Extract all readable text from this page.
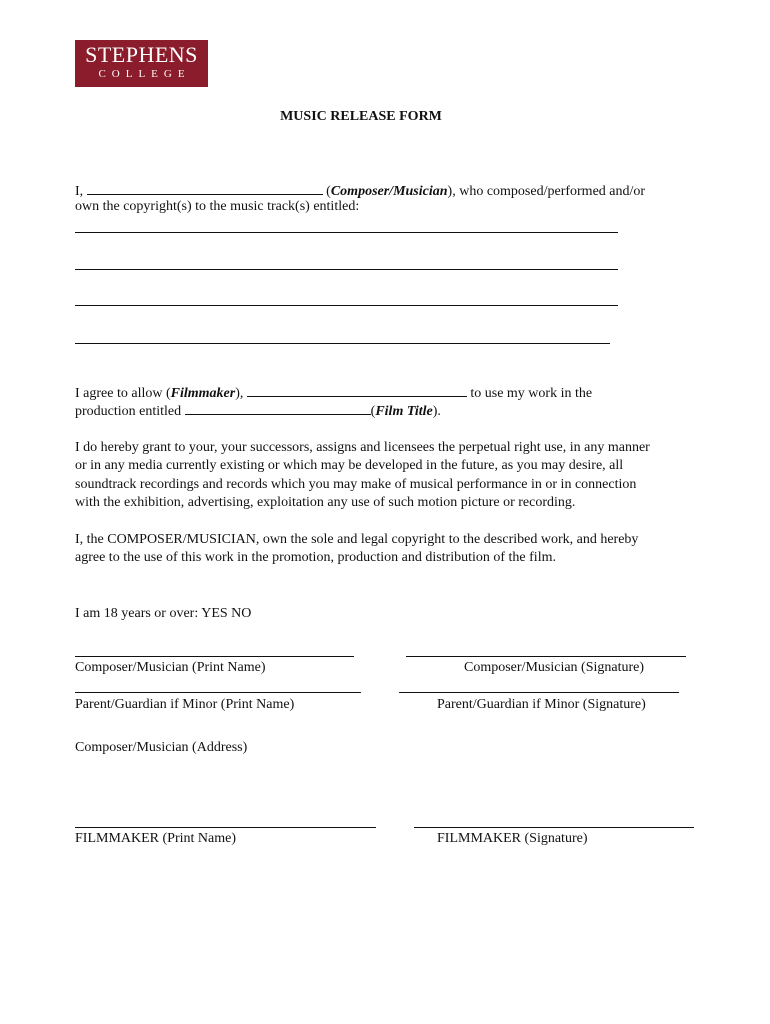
STEPHENS
COLLEGE
MUSIC RELEASE FORM
I,	(Composer/Musician), who composed/performed and/or
own the copyright(s) to the music track(s) entitled:
I agree to allow (Filmmaker),	to use my work in the
production entitled	(Film Title).
I do hereby grant to your, your successors, assigns and licensees the perpetual right use, in any manner
or in any media currently existing or which may be developed in the future, as you may desire, all
soundtrack recordings and records which you may make of musical performance in or in connection
with the exhibition, advertising, exploitation any use of such motion picture or recording.
I, the COMPOSER/MUSICIAN, own the sole and legal copyright to the described work, and hereby
agree to the use of this work in the promotion, production and distribution of the film.
I am 18 years or over: YES NO
Composer/Musician (Print Name)	Composer/Musician (Signature)
Parent/Guardian if Minor (Print Name)	Parent/Guardian if Minor (Signature)
Composer/Musician (Address)
FILMMAKER (Print Name)	FILMMAKER (Signature)
